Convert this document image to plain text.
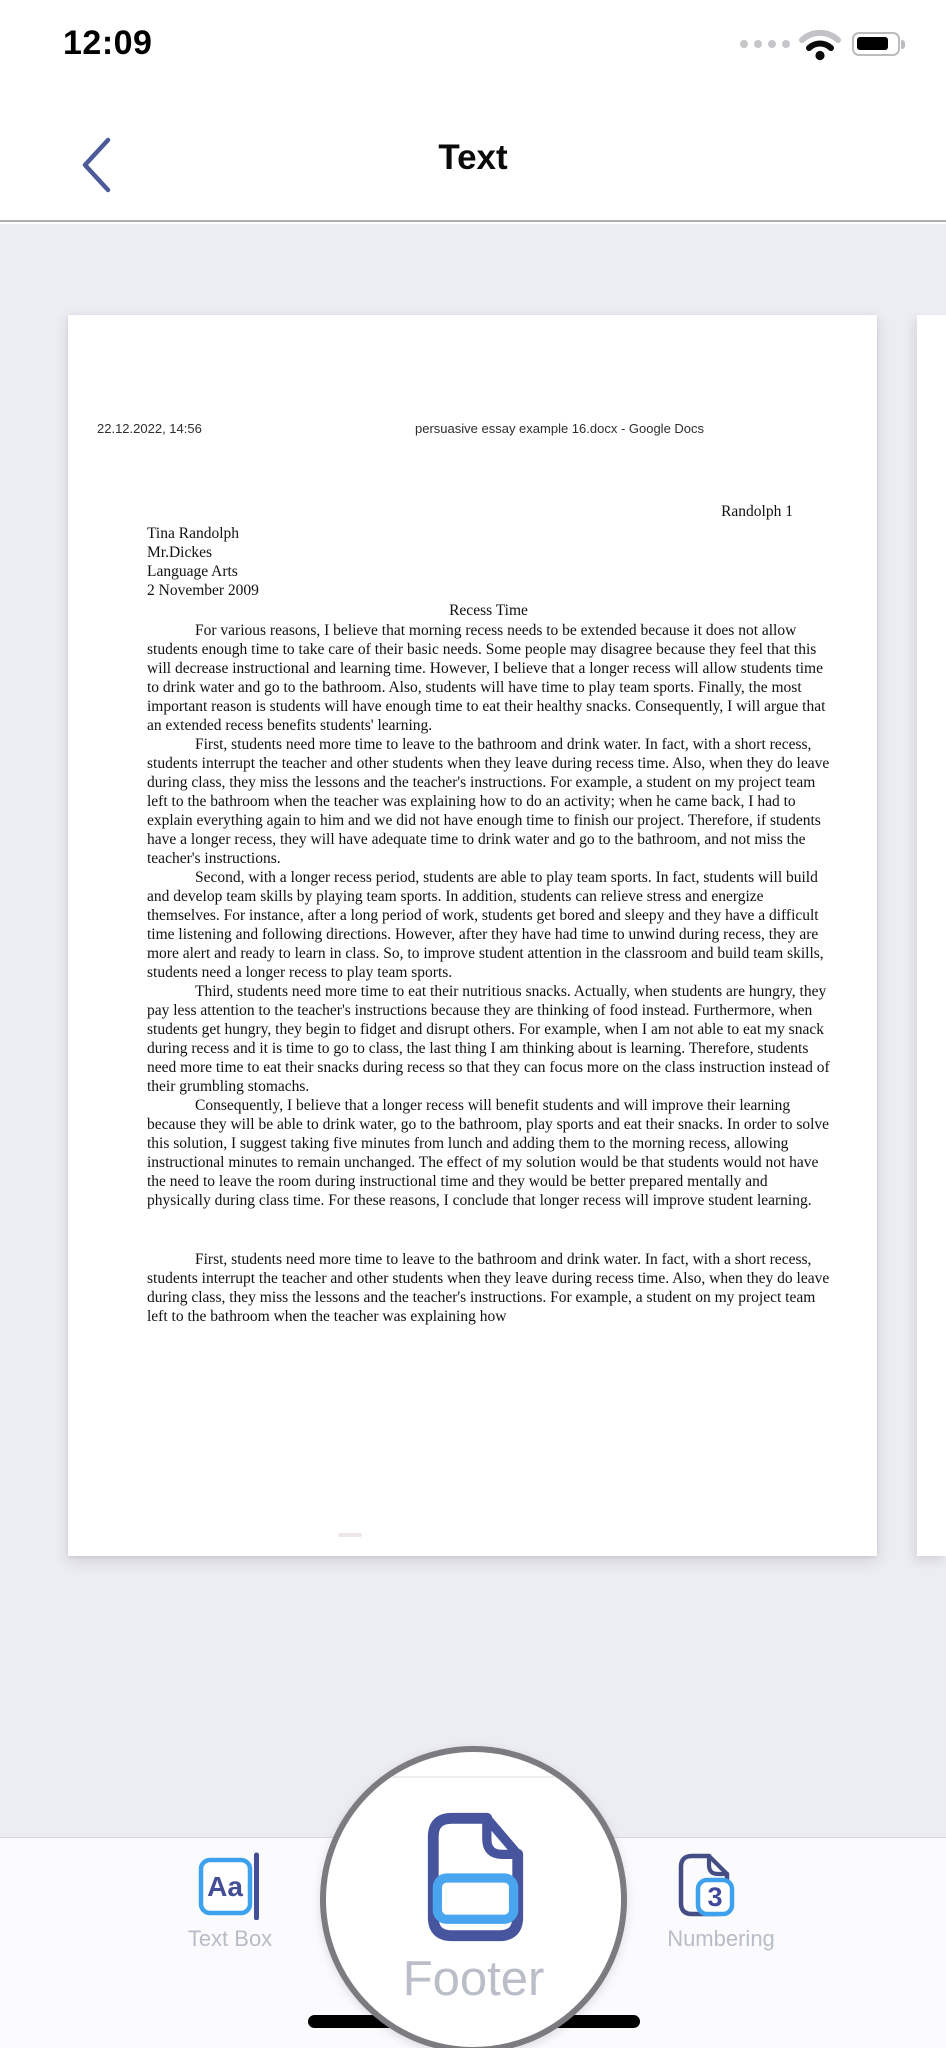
12:09
Text
22.12.2022, 14:56	persuasive essay example 16.docx - Google Docs
Randolph 1
Tina Randolph
Mr.Dickes
Language Arts
2 November 2009
Recess Time

For various reasons, I believe that morning recess needs to be extended because it does not allow students enough time to take care of their basic needs. Some people may disagree because they feel that this will decrease instructional and learning time. However, I believe that a longer recess will allow students time to drink water and go to the bathroom. Also, students will have time to play team sports. Finally, the most important reason is students will have enough time to eat their healthy snacks. Consequently, I will argue that an extended recess benefits students' learning.

First, students need more time to leave to the bathroom and drink water. In fact, with a short recess, students interrupt the teacher and other students when they leave during recess time. Also, when they do leave during class, they miss the lessons and the teacher's instructions. For example, a student on my project team left to the bathroom when the teacher was explaining how to do an activity; when he came back, I had to explain everything again to him and we did not have enough time to finish our project. Therefore, if students have a longer recess, they will have adequate time to drink water and go to the bathroom, and not miss the teacher's instructions.

Second, with a longer recess period, students are able to play team sports. In fact, students will build and develop team skills by playing team sports. In addition, students can relieve stress and energize themselves. For instance, after a long period of work, students get bored and sleepy and they have a difficult time listening and following directions. However, after they have had time to unwind during recess, they are more alert and ready to learn in class. So, to improve student attention in the classroom and build team skills, students need a longer recess to play team sports.

Third, students need more time to eat their nutritious snacks. Actually, when students are hungry, they pay less attention to the teacher's instructions because they are thinking of food instead. Furthermore, when students get hungry, they begin to fidget and disrupt others. For example, when I am not able to eat my snack during recess and it is time to go to class, the last thing I am thinking about is learning. Therefore, students need more time to eat their snacks during recess so that they can focus more on the class instruction instead of their grumbling stomachs.

Consequently, I believe that a longer recess will benefit students and will improve their learning because they will be able to drink water, go to the bathroom, play sports and eat their snacks. In order to solve this solution, I suggest taking five minutes from lunch and adding them to the morning recess, allowing instructional minutes to remain unchanged. The effect of my solution would be that students would not have the need to leave the room during instructional time and they would be better prepared mentally and physically during class time. For these reasons, I conclude that longer recess will improve student learning.

First, students need more time to leave to the bathroom and drink water. In fact, with a short recess, students interrupt the teacher and other students when they leave during recess time. Also, when they do leave during class, they miss the lessons and the teacher's instructions. For example, a student on my project team left to the bathroom when the teacher was explaining how

Aa
Text Box
3
Numbering
Footer
